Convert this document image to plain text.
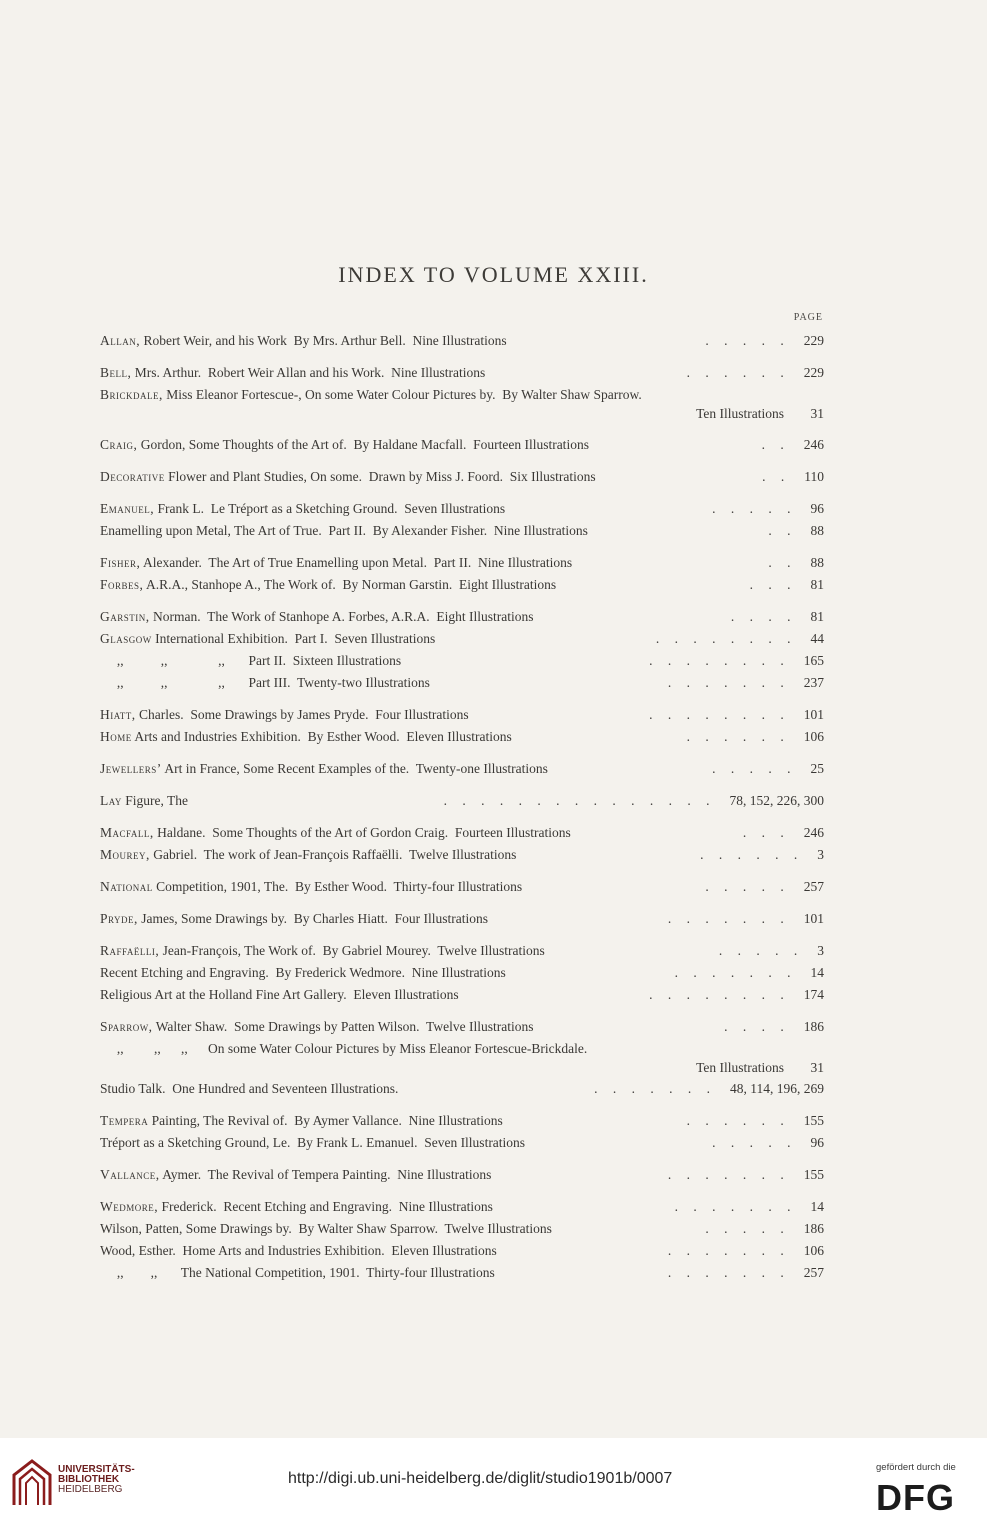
INDEX TO VOLUME XXIII.
PAGE
Allan, Robert Weir, and his Work  By Mrs. Arthur Bell.  Nine Illustrations	229
. . . . .
Bell, Mrs. Arthur.  Robert Weir Allan and his Work.  Nine Illustrations	229
. . . . . .
Brickdale, Miss Eleanor Fortescue-, On some Water Colour Pictures by.  By Walter Shaw Sparrow.
Ten Illustrations 31
Craig, Gordon, Some Thoughts of the Art of.  By Haldane Macfall.  Fourteen Illustrations	246
. .
Decorative Flower and Plant Studies, On some.  Drawn by Miss J. Foord.  Six Illustrations	110
. .
Emanuel, Frank L.  Le Tréport as a Sketching Ground.  Seven Illustrations	96
. . . . .
Enamelling upon Metal, The Art of True.  Part II.  By Alexander Fisher.  Nine Illustrations	88
. .
Fisher, Alexander.  The Art of True Enamelling upon Metal.  Part II.  Nine Illustrations	88
. .
Forbes, A.R.A., Stanhope A., The Work of.  By Norman Garstin.  Eight Illustrations	81
. . .
Garstin, Norman.  The Work of Stanhope A. Forbes, A.R.A.  Eight Illustrations	81
. . . .
Glasgow International Exhibition.  Part I.  Seven Illustrations	44
. . . . . . . .
,,           ,,               ,,       Part II.  Sixteen Illustrations	165
. . . . . . . .
,,           ,,               ,,       Part III.  Twenty-two Illustrations	237
. . . . . . .
Hiatt, Charles.  Some Drawings by James Pryde.  Four Illustrations	101
. . . . . . . .
Home Arts and Industries Exhibition.  By Esther Wood.  Eleven Illustrations	106
. . . . . .
Jewellers’ Art in France, Some Recent Examples of the.  Twenty-one Illustrations	25
. . . . .
Lay Figure, The	78, 152, 226, 300
. . . . . . . . . . . . . . .
Macfall, Haldane.  Some Thoughts of the Art of Gordon Craig.  Fourteen Illustrations	246
. . .
Mourey, Gabriel.  The work of Jean-François Raffaëlli.  Twelve Illustrations	3
. . . . . .
National Competition, 1901, The.  By Esther Wood.  Thirty-four Illustrations	257
. . . . .
Pryde, James, Some Drawings by.  By Charles Hiatt.  Four Illustrations	101
. . . . . . .
Raffaëlli, Jean-François, The Work of.  By Gabriel Mourey.  Twelve Illustrations	3
. . . . .
Recent Etching and Engraving.  By Frederick Wedmore.  Nine Illustrations	14
. . . . . . .
Religious Art at the Holland Fine Art Gallery.  Eleven Illustrations	174
. . . . . . . .
Sparrow, Walter Shaw.  Some Drawings by Patten Wilson.  Twelve Illustrations	186
. . . .
,,         ,,      ,,      On some Water Colour Pictures by Miss Eleanor Fortescue-Brickdale.
Ten Illustrations 31
Studio Talk.  One Hundred and Seventeen Illustrations.	48, 114, 196, 269
. . . . . . .
Tempera Painting, The Revival of.  By Aymer Vallance.  Nine Illustrations	155
. . . . . .
Tréport as a Sketching Ground, Le.  By Frank L. Emanuel.  Seven Illustrations	96
. . . . .
Vallance, Aymer.  The Revival of Tempera Painting.  Nine Illustrations	155
. . . . . . .
Wedmore, Frederick.  Recent Etching and Engraving.  Nine Illustrations	14
. . . . . . .
Wilson, Patten, Some Drawings by.  By Walter Shaw Sparrow.  Twelve Illustrations	186
. . . . .
Wood, Esther.  Home Arts and Industries Exhibition.  Eleven Illustrations	106
. . . . . . .
,,        ,,       The National Competition, 1901.  Thirty-four Illustrations	257
. . . . . . .
UNIVERSITÄTS-
BIBLIOTHEK
HEIDELBERG
http://digi.ub.uni-heidelberg.de/diglit/studio1901b/0007
gefördert durch die
DFG
